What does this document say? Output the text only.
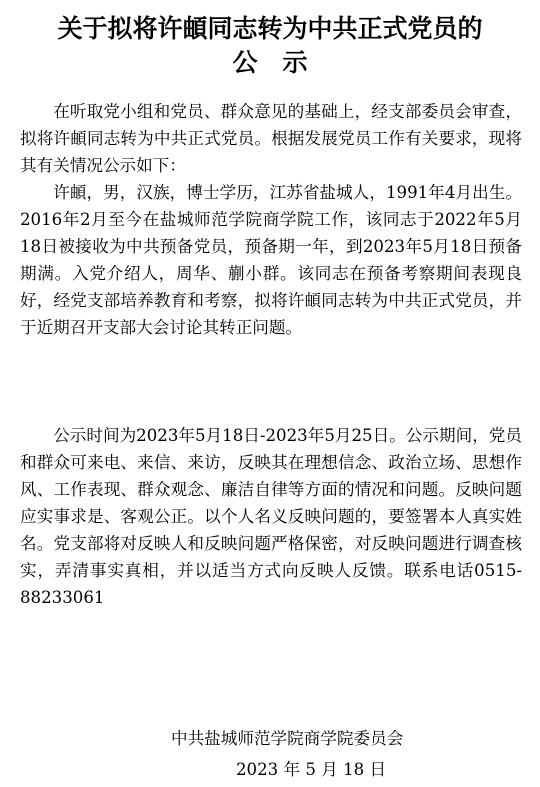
关于拟将许頔同志转为中共正式党员的
公　示

在听取党小组和党员、群众意见的基础上，经支部委员会审查，拟将许頔同志转为中共正式党员。根据发展党员工作有关要求，现将其有关情况公示如下：

许頔，男，汉族，博士学历，江苏省盐城人，1991年4月出生。2016年2月至今在盐城师范学院商学院工作，该同志于2022年5月18日被接收为中共预备党员，预备期一年，到2023年5月18日预备期满。入党介绍人，周华、蒯小群。该同志在预备考察期间表现良好，经党支部培养教育和考察，拟将许頔同志转为中共正式党员，并于近期召开支部大会讨论其转正问题。

公示时间为2023年5月18日-2023年5月25日。公示期间，党员和群众可来电、来信、来访，反映其在理想信念、政治立场、思想作风、工作表现、群众观念、廉洁自律等方面的情况和问题。反映问题应实事求是、客观公正。以个人名义反映问题的，要签署本人真实姓名。党支部将对反映人和反映问题严格保密，对反映问题进行调查核实，弄清事实真相，并以适当方式向反映人反馈。联系电话0515-88233061

中共盐城师范学院商学院委员会
2023 年 5 月 18 日
